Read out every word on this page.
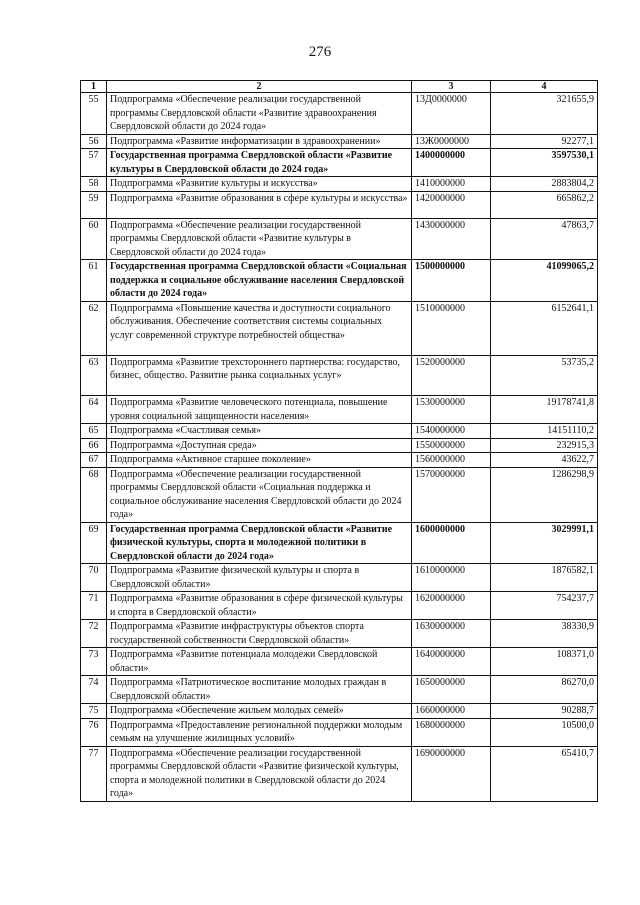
276
1	2	3	4
55	Подпрограмма «Обеспечение реализации государственной программы Свердловской области «Развитие здравоохранения Свердловской области до 2024 года»	13Д0000000	321655,9
56	Подпрограмма «Развитие информатизации в здравоохранении»	13Ж0000000	92277,1
57	Государственная программа Свердловской области «Развитие культуры в Свердловской области до 2024 года»	1400000000	3597530,1
58	Подпрограмма «Развитие культуры и искусства»	1410000000	2883804,2
59	Подпрограмма «Развитие образования в сфере культуры и искусства»	1420000000	665862,2
60	Подпрограмма «Обеспечение реализации государственной программы Свердловской области «Развитие культуры в Свердловской области до 2024 года»	1430000000	47863,7
61	Государственная программа Свердловской области «Социальная поддержка и социальное обслуживание населения Свердловской области до 2024 года»	1500000000	41099065,2
62	Подпрограмма «Повышение качества и доступности социального обслуживания. Обеспечение соответствия системы социальных услуг современной структуре потребностей общества»	1510000000	6152641,1
63	Подпрограмма «Развитие трехстороннего партнерства: государство, бизнес, общество. Развитие рынка социальных услуг»	1520000000	53735,2
64	Подпрограмма «Развитие человеческого потенциала, повышение уровня социальной защищенности населения»	1530000000	19178741,8
65	Подпрограмма «Счастливая семья»	1540000000	14151110,2
66	Подпрограмма «Доступная среда»	1550000000	232915,3
67	Подпрограмма «Активное старшее поколение»	1560000000	43622,7
68	Подпрограмма «Обеспечение реализации государственной программы Свердловской области «Социальная поддержка и социальное обслуживание населения Свердловской области до 2024 года»	1570000000	1286298,9
69	Государственная программа Свердловской области «Развитие физической культуры, спорта и молодежной политики в Свердловской области до 2024 года»	1600000000	3029991,1
70	Подпрограмма «Развитие физической культуры и спорта в Свердловской области»	1610000000	1876582,1
71	Подпрограмма «Развитие образования в сфере физической культуры и спорта в Свердловской области»	1620000000	754237,7
72	Подпрограмма «Развитие инфраструктуры объектов спорта государственной собственности Свердловской области»	1630000000	38330,9
73	Подпрограмма «Развитие потенциала молодежи Свердловской области»	1640000000	108371,0
74	Подпрограмма «Патриотическое воспитание молодых граждан в Свердловской области»	1650000000	86270,0
75	Подпрограмма «Обеспечение жильем молодых семей»	1660000000	90288,7
76	Подпрограмма «Предоставление региональной поддержки молодым семьям на улучшение жилищных условий»	1680000000	10500,0
77	Подпрограмма «Обеспечение реализации государственной программы Свердловской области «Развитие физической культуры, спорта и молодежной политики в Свердловской области до 2024 года»	1690000000	65410,7
